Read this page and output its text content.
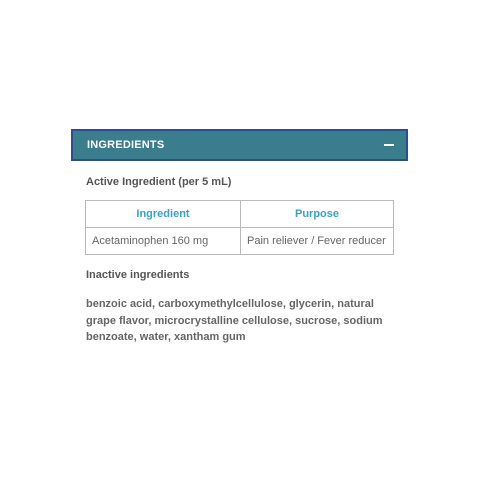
INGREDIENTS

Active Ingredient (per 5 mL)

Ingredient	Purpose
Acetaminophen 160 mg	Pain reliever / Fever reducer

Inactive ingredients

benzoic acid, carboxymethylcellulose, glycerin, natural grape flavor, microcrystalline cellulose, sucrose, sodium benzoate, water, xantham gum
